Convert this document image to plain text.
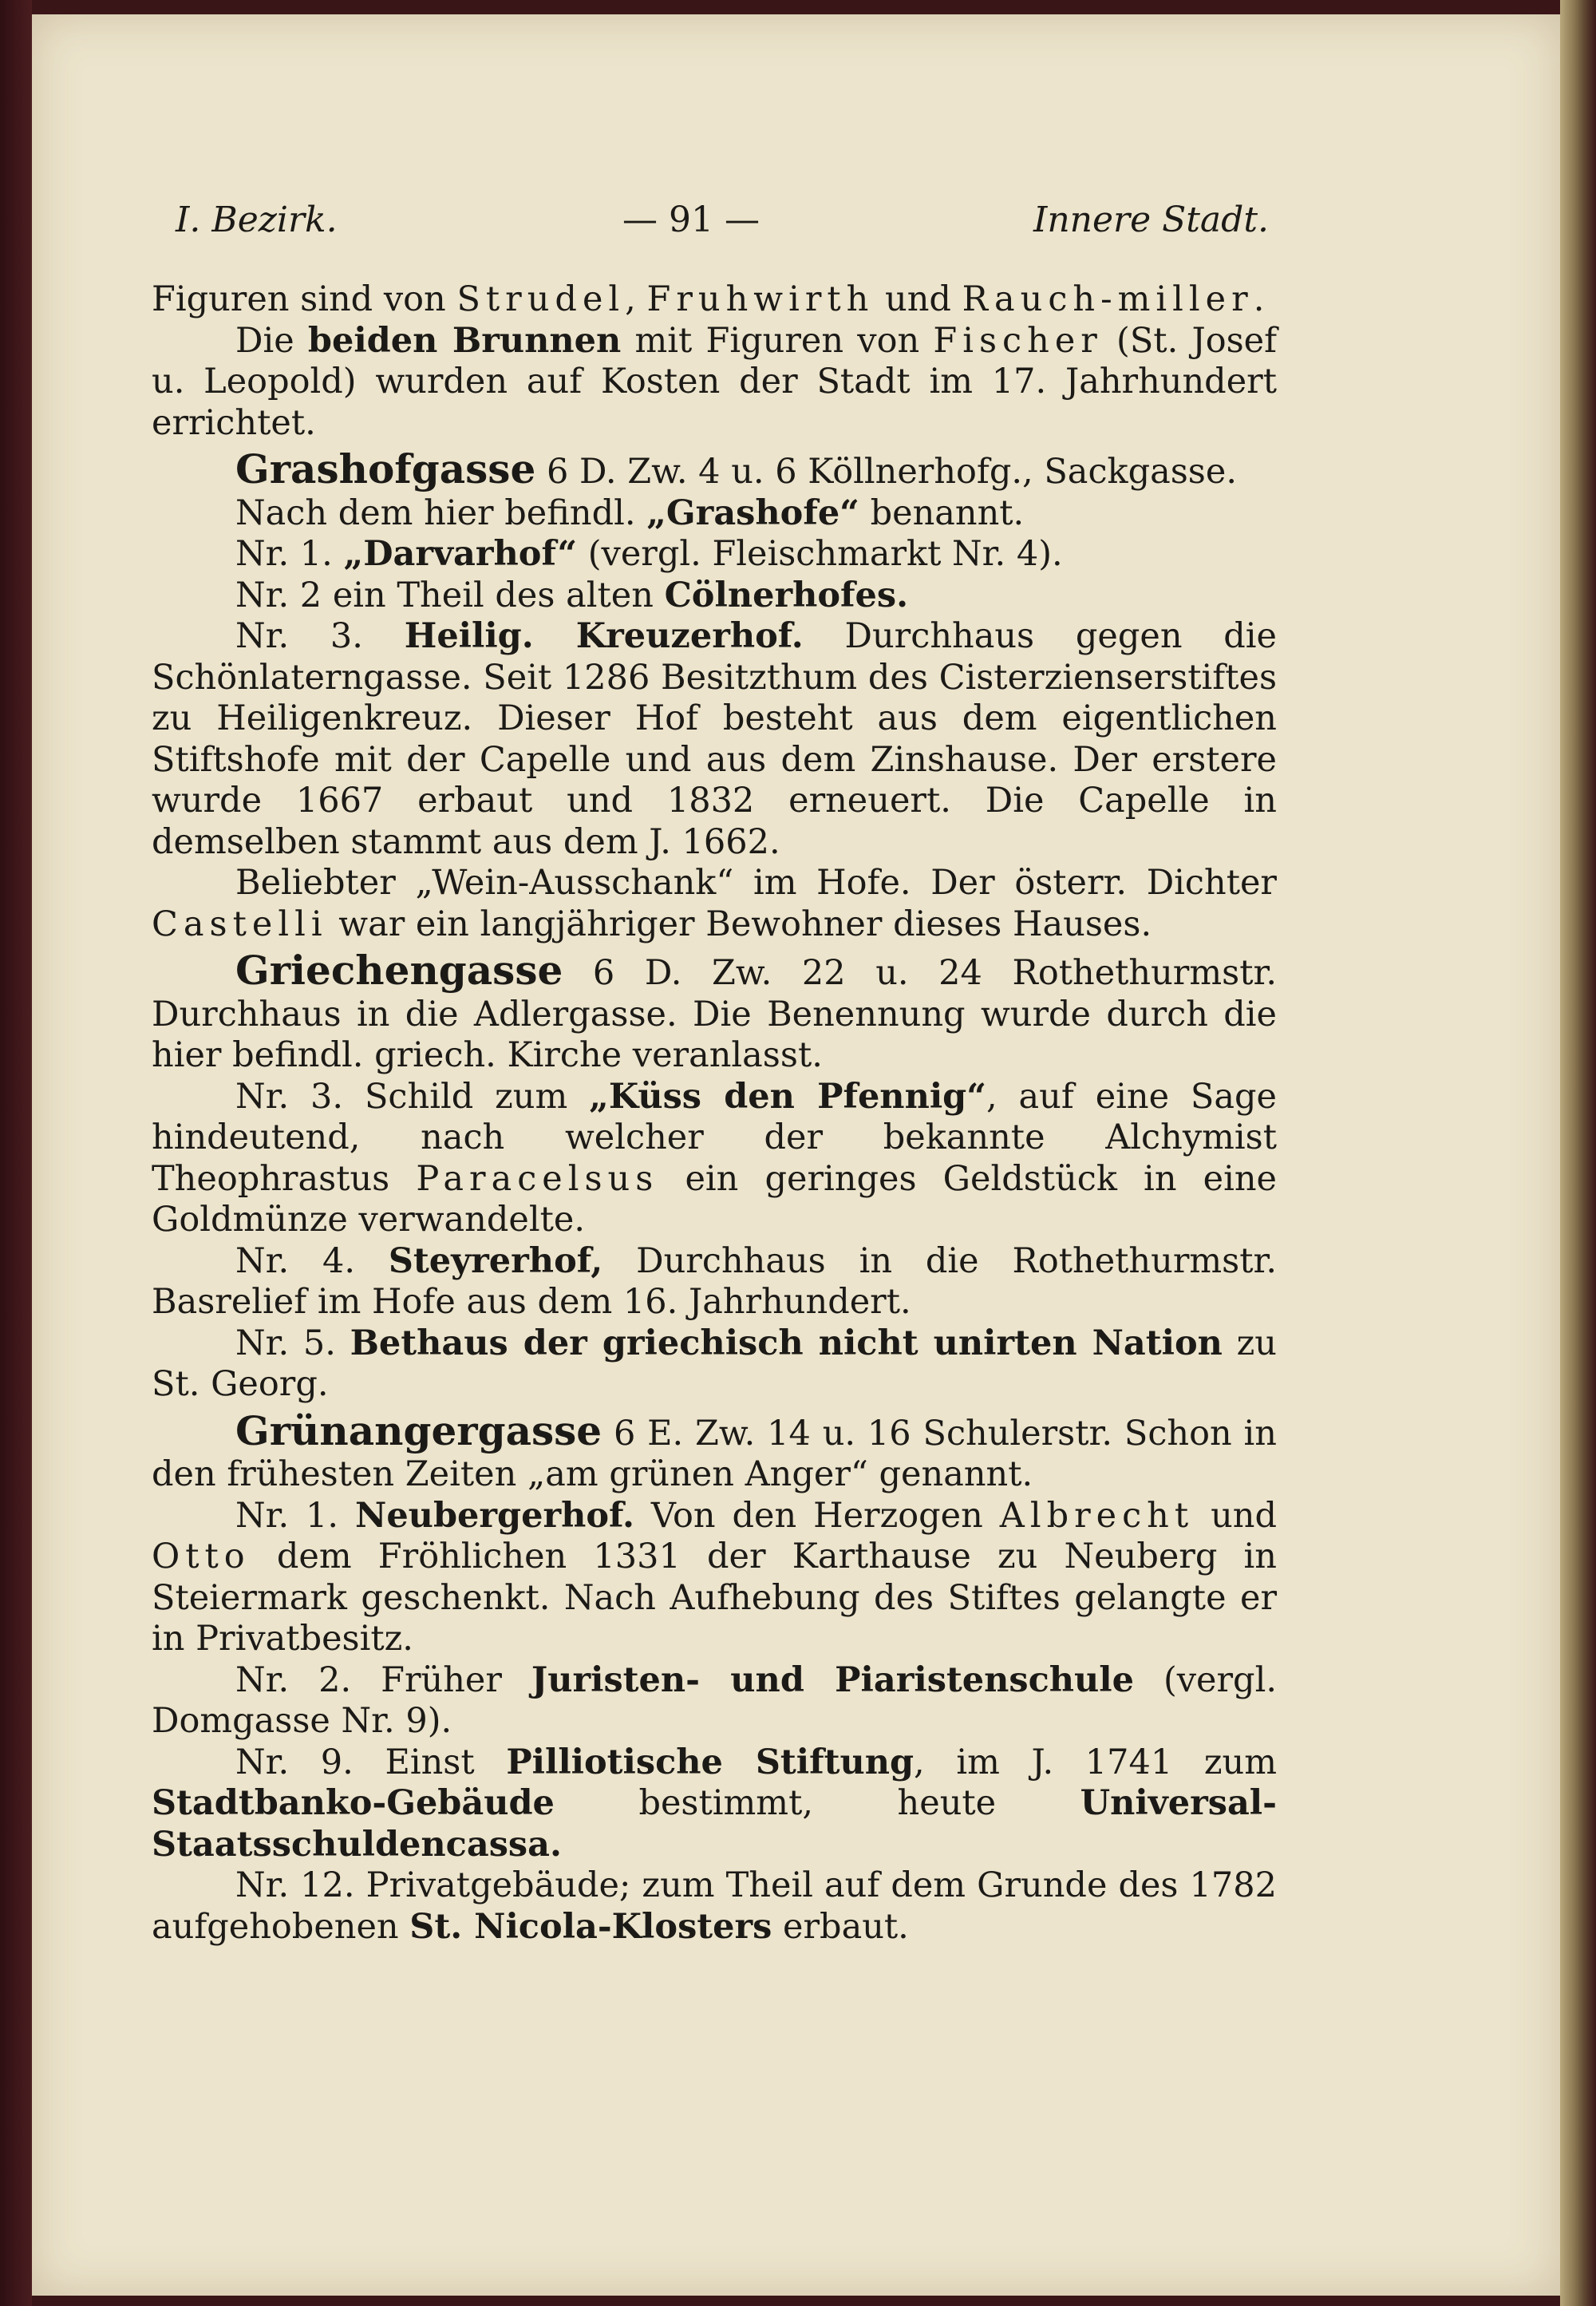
I. Bezirk.	— 91 —	Innere Stadt.

Figuren sind von Strudel, Fruhwirth und Rauch-miller.

Die beiden Brunnen mit Figuren von Fischer (St. Josef u. Leopold) wurden auf Kosten der Stadt im 17. Jahrhundert errichtet.

Grashofgasse 6 D. Zw. 4 u. 6 Köllnerhofg., Sackgasse.

Nach dem hier befindl. „Grashofe“ benannt.

Nr. 1. „Darvarhof“ (vergl. Fleischmarkt Nr. 4).

Nr. 2 ein Theil des alten Cölnerhofes.

Nr. 3. Heilig. Kreuzerhof. Durchhaus gegen die Schönlaterngasse. Seit 1286 Besitzthum des Cisterzienserstiftes zu Heiligenkreuz. Dieser Hof besteht aus dem eigentlichen Stiftshofe mit der Capelle und aus dem Zinshause. Der erstere wurde 1667 erbaut und 1832 erneuert. Die Capelle in demselben stammt aus dem J. 1662.

Beliebter „Wein-Ausschank“ im Hofe. Der österr. Dichter Castelli war ein langjähriger Bewohner dieses Hauses.

Griechengasse 6 D. Zw. 22 u. 24 Rothethurmstr. Durchhaus in die Adlergasse. Die Benennung wurde durch die hier befindl. griech. Kirche veranlasst.

Nr. 3. Schild zum „Küss den Pfennig“, auf eine Sage hindeutend, nach welcher der bekannte Alchymist Theophrastus Paracelsus ein geringes Geldstück in eine Goldmünze verwandelte.

Nr. 4. Steyrerhof, Durchhaus in die Rothethurmstr. Basrelief im Hofe aus dem 16. Jahrhundert.

Nr. 5. Bethaus der griechisch nicht unirten Nation zu St. Georg.

Grünangergasse 6 E. Zw. 14 u. 16 Schulerstr. Schon in den frühesten Zeiten „am grünen Anger“ genannt.

Nr. 1. Neubergerhof. Von den Herzogen Albrecht und Otto dem Fröhlichen 1331 der Karthause zu Neuberg in Steiermark geschenkt. Nach Aufhebung des Stiftes gelangte er in Privatbesitz.

Nr. 2. Früher Juristen- und Piaristenschule (vergl. Domgasse Nr. 9).

Nr. 9. Einst Pilliotische Stiftung, im J. 1741 zum Stadtbanko-Gebäude bestimmt, heute Universal-Staatsschuldencassa.

Nr. 12. Privatgebäude; zum Theil auf dem Grunde des 1782 aufgehobenen St. Nicola-Klosters erbaut.
